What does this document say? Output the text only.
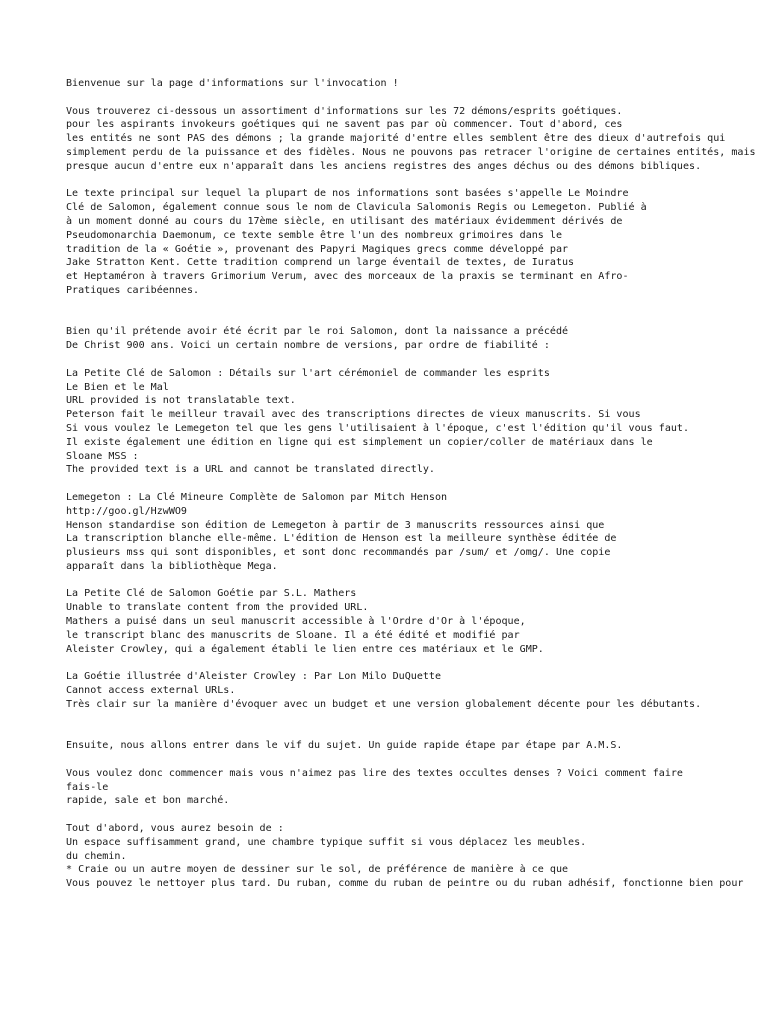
Bienvenue sur la page d'informations sur l'invocation !
Vous trouverez ci-dessous un assortiment d'informations sur les 72 démons/esprits goétiques.
pour les aspirants invokeurs goétiques qui ne savent pas par où commencer. Tout d'abord, ces
les entités ne sont PAS des démons ; la grande majorité d'entre elles semblent être des dieux d'autrefois qui
simplement perdu de la puissance et des fidèles. Nous ne pouvons pas retracer l'origine de certaines entités, mais
presque aucun d'entre eux n'apparaît dans les anciens registres des anges déchus ou des démons bibliques.
Le texte principal sur lequel la plupart de nos informations sont basées s'appelle Le Moindre
Clé de Salomon, également connue sous le nom de Clavicula Salomonis Regis ou Lemegeton. Publié à
à un moment donné au cours du 17ème siècle, en utilisant des matériaux évidemment dérivés de
Pseudomonarchia Daemonum, ce texte semble être l'un des nombreux grimoires dans le
tradition de la « Goétie », provenant des Papyri Magiques grecs comme développé par
Jake Stratton Kent. Cette tradition comprend un large éventail de textes, de Iuratus
et Heptaméron à travers Grimorium Verum, avec des morceaux de la praxis se terminant en Afro-
Pratiques caribéennes.
Bien qu'il prétende avoir été écrit par le roi Salomon, dont la naissance a précédé
De Christ 900 ans. Voici un certain nombre de versions, par ordre de fiabilité :
La Petite Clé de Salomon : Détails sur l'art cérémoniel de commander les esprits
Le Bien et le Mal
URL provided is not translatable text.
Peterson fait le meilleur travail avec des transcriptions directes de vieux manuscrits. Si vous
Si vous voulez le Lemegeton tel que les gens l'utilisaient à l'époque, c'est l'édition qu'il vous faut.
Il existe également une édition en ligne qui est simplement un copier/coller de matériaux dans le
Sloane MSS :
The provided text is a URL and cannot be translated directly.
Lemegeton : La Clé Mineure Complète de Salomon par Mitch Henson
http://goo.gl/HzwWO9
Henson standardise son édition de Lemegeton à partir de 3 manuscrits ressources ainsi que
La transcription blanche elle-même. L'édition de Henson est la meilleure synthèse éditée de
plusieurs mss qui sont disponibles, et sont donc recommandés par /sum/ et /omg/. Une copie
apparaît dans la bibliothèque Mega.
La Petite Clé de Salomon Goétie par S.L. Mathers
Unable to translate content from the provided URL.
Mathers a puisé dans un seul manuscrit accessible à l'Ordre d'Or à l'époque,
le transcript blanc des manuscrits de Sloane. Il a été édité et modifié par
Aleister Crowley, qui a également établi le lien entre ces matériaux et le GMP.
La Goétie illustrée d'Aleister Crowley : Par Lon Milo DuQuette
Cannot access external URLs.
Très clair sur la manière d'évoquer avec un budget et une version globalement décente pour les débutants.
Ensuite, nous allons entrer dans le vif du sujet. Un guide rapide étape par étape par A.M.S.
Vous voulez donc commencer mais vous n'aimez pas lire des textes occultes denses ? Voici comment faire
fais-le
rapide, sale et bon marché.
Tout d'abord, vous aurez besoin de :
Un espace suffisamment grand, une chambre typique suffit si vous déplacez les meubles.
du chemin.
* Craie ou un autre moyen de dessiner sur le sol, de préférence de manière à ce que
Vous pouvez le nettoyer plus tard. Du ruban, comme du ruban de peintre ou du ruban adhésif, fonctionne bien pour
